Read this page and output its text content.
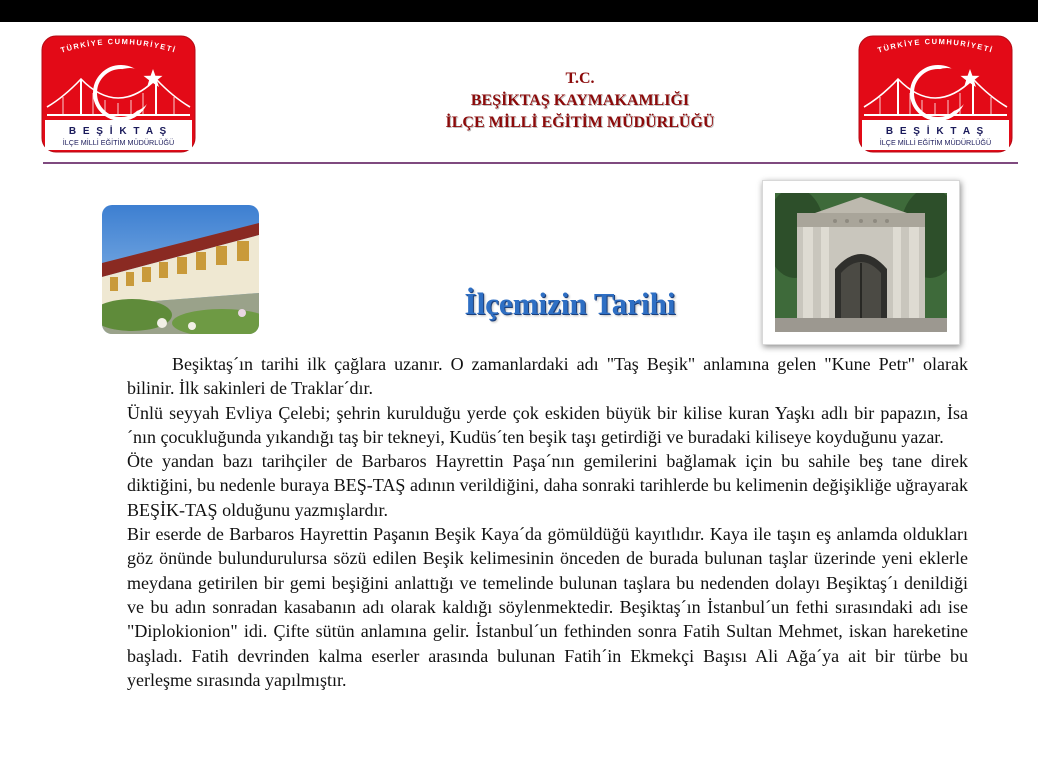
TÜRKİYE CUMHURİYETİ
B E Ş İ K T A Ş
İLÇE MİLLİ EĞİTİM MÜDÜRLÜĞÜ
TÜRKİYE CUMHURİYETİ
B E Ş İ K T A Ş
İLÇE MİLLİ EĞİTİM MÜDÜRLÜĞÜ
T.C.
BEŞİKTAŞ KAYMAKAMLIĞI
İLÇE MİLLİ EĞİTİM MÜDÜRLÜĞÜ
İlçemizin Tarihi

Beşiktaş´ın tarihi ilk çağlara uzanır. O zamanlardaki adı "Taş Beşik" anlamına gelen "Kune Petr" olarak bilinir. İlk sakinleri de Traklar´dır.

Ünlü seyyah Evliya Çelebi; şehrin kurulduğu yerde çok eskiden büyük bir kilise kuran Yaşkı adlı bir papazın, İsa´nın çocukluğunda yıkandığı taş bir tekneyi, Kudüs´ten beşik taşı getirdiği ve buradaki kiliseye koyduğunu yazar.

Öte yandan bazı tarihçiler de Barbaros Hayrettin Paşa´nın gemilerini bağlamak için bu sahile beş tane direk diktiğini, bu nedenle buraya BEŞ-TAŞ adının verildiğini, daha sonraki tarihlerde bu kelimenin değişikliğe uğrayarak BEŞİK-TAŞ olduğunu yazmışlardır.

Bir eserde de Barbaros Hayrettin Paşanın Beşik Kaya´da gömüldüğü kayıtlıdır. Kaya ile taşın eş anlamda oldukları göz önünde bulundurulursa sözü edilen Beşik kelimesinin önceden de burada bulunan taşlar üzerinde yeni eklerle meydana getirilen bir gemi beşiğini anlattığı ve temelinde bulunan taşlara bu nedenden dolayı Beşiktaş´ı denildiği ve bu adın sonradan kasabanın adı olarak kaldığı söylenmektedir. Beşiktaş´ın İstanbul´un fethi sırasındaki adı ise "Diplokionion" idi. Çifte sütün anlamına gelir. İstanbul´un fethinden sonra Fatih Sultan Mehmet, iskan hareketine başladı. Fatih devrinden kalma eserler arasında bulunan Fatih´in Ekmekçi Başısı Ali Ağa´ya ait bir türbe bu yerleşme sırasında yapılmıştır.
